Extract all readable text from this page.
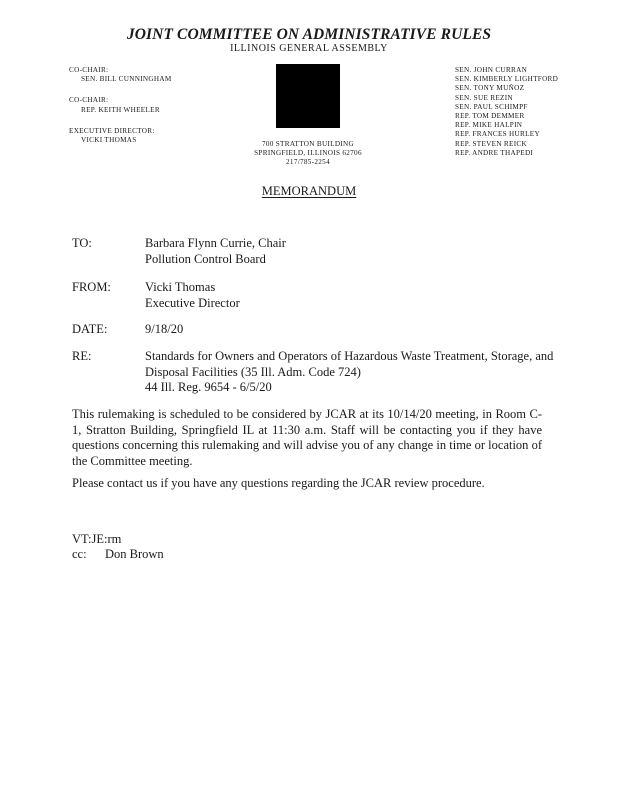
JOINT COMMITTEE ON ADMINISTRATIVE RULES
ILLINOIS GENERAL ASSEMBLY
CO-CHAIR:
SEN. BILL CUNNINGHAM
CO-CHAIR:
REP. KEITH WHEELER
EXECUTIVE DIRECTOR:
VICKI THOMAS	700 STRATTON BUILDING
SPRINGFIELD, ILLINOIS 62706
217/785-2254
SEN. JOHN CURRAN
SEN. KIMBERLY LIGHTFORD
SEN. TONY MUÑOZ
SEN. SUE REZIN
SEN. PAUL SCHIMPF
REP. TOM DEMMER
REP. MIKE HALPIN
REP. FRANCES HURLEY
REP. STEVEN REICK
REP. ANDRE THAPEDI
MEMORANDUM
TO:	Barbara Flynn Currie, Chair
Pollution Control Board
FROM:	Vicki Thomas
Executive Director
DATE:	9/18/20
RE:	Standards for Owners and Operators of Hazardous Waste Treatment, Storage, and
Disposal Facilities (35 Ill. Adm. Code 724)
44 Ill. Reg. 9654 - 6/5/20
This rulemaking is scheduled to be considered by JCAR at its 10/14/20 meeting, in Room C-1, Stratton Building, Springfield IL at 11:30 a.m. Staff will be contacting you if they have questions concerning this rulemaking and will advise you of any change in time or location of the Committee meeting.
Please contact us if you have any questions regarding the JCAR review procedure.
VT:JE:rm
cc: Don Brown
